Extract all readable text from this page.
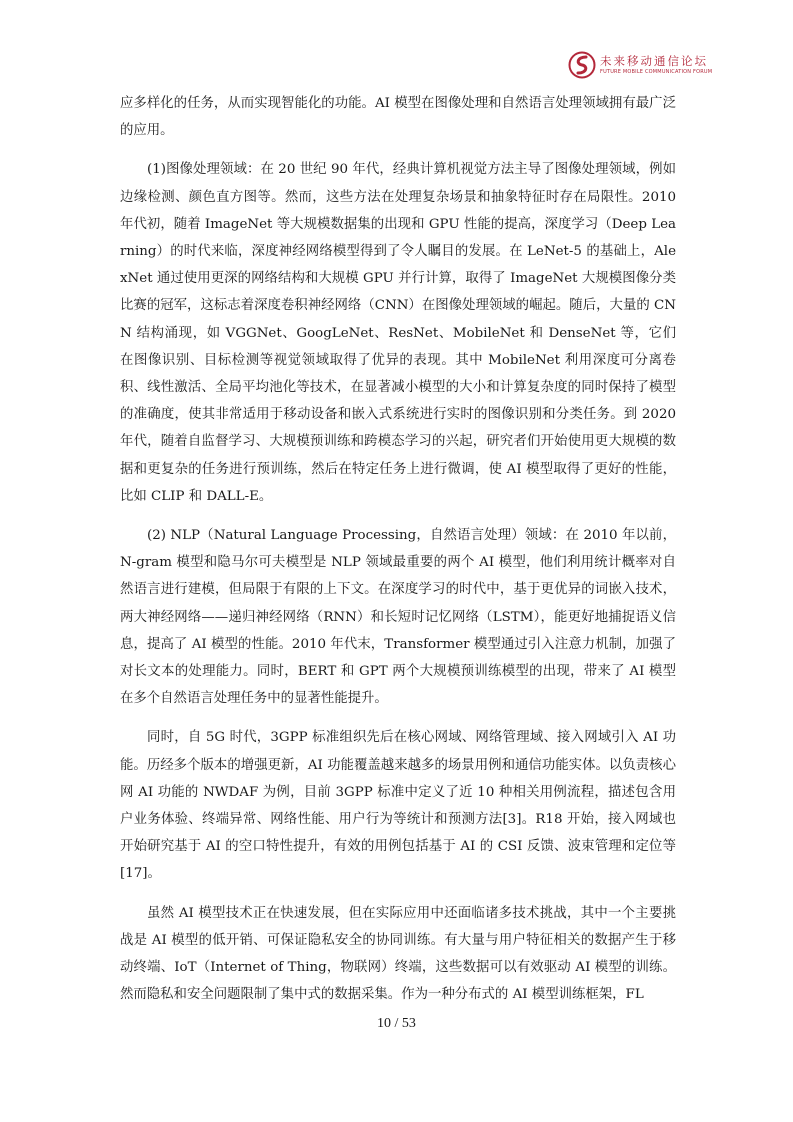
未来移动通信论坛
FUTURE MOBILE COMMUNICATION FORUM

应多样化的任务，从而实现智能化的功能。AI 模型在图像处理和自然语言处理领域拥有最广泛的应用。

(1)图像处理领域：在 20 世纪 90 年代，经典计算机视觉方法主导了图像处理领域，例如边缘检测、颜色直方图等。然而，这些方法在处理复杂场景和抽象特征时存在局限性。2010 年代初，随着 ImageNet 等大规模数据集的出现和 GPU 性能的提高，深度学习（Deep Learning）的时代来临，深度神经网络模型得到了令人瞩目的发展。在 LeNet-5 的基础上，AlexNet 通过使用更深的网络结构和大规模 GPU 并行计算，取得了 ImageNet 大规模图像分类比赛的冠军，这标志着深度卷积神经网络（CNN）在图像处理领域的崛起。随后，大量的 CNN 结构涌现，如 VGGNet、GoogLeNet、ResNet、MobileNet 和 DenseNet 等，它们在图像识别、目标检测等视觉领域取得了优异的表现。其中 MobileNet 利用深度可分离卷积、线性激活、全局平均池化等技术，在显著减小模型的大小和计算复杂度的同时保持了模型的准确度，使其非常适用于移动设备和嵌入式系统进行实时的图像识别和分类任务。到 2020 年代，随着自监督学习、大规模预训练和跨模态学习的兴起，研究者们开始使用更大规模的数据和更复杂的任务进行预训练，然后在特定任务上进行微调，使 AI 模型取得了更好的性能，比如 CLIP 和 DALL-E。

(2) NLP（Natural Language Processing，自然语言处理）领域：在 2010 年以前，N-gram 模型和隐马尔可夫模型是 NLP 领域最重要的两个 AI 模型，他们利用统计概率对自然语言进行建模，但局限于有限的上下文。在深度学习的时代中，基于更优异的词嵌入技术，两大神经网络——递归神经网络（RNN）和长短时记忆网络（LSTM），能更好地捕捉语义信息，提高了 AI 模型的性能。2010 年代末，Transformer 模型通过引入注意力机制，加强了对长文本的处理能力。同时，BERT 和 GPT 两个大规模预训练模型的出现，带来了 AI 模型在多个自然语言处理任务中的显著性能提升。

同时，自 5G 时代，3GPP 标准组织先后在核心网域、网络管理域、接入网域引入 AI 功能。历经多个版本的增强更新，AI 功能覆盖越来越多的场景用例和通信功能实体。以负责核心网 AI 功能的 NWDAF 为例，目前 3GPP 标准中定义了近 10 种相关用例流程，描述包含用户业务体验、终端异常、网络性能、用户行为等统计和预测方法[3]。R18 开始，接入网域也开始研究基于 AI 的空口特性提升，有效的用例包括基于 AI 的 CSI 反馈、波束管理和定位等[17]。

虽然 AI 模型技术正在快速发展，但在实际应用中还面临诸多技术挑战，其中一个主要挑战是 AI 模型的低开销、可保证隐私安全的协同训练。有大量与用户特征相关的数据产生于移动终端、IoT（Internet of Thing，物联网）终端，这些数据可以有效驱动 AI 模型的训练。然而隐私和安全问题限制了集中式的数据采集。作为一种分布式的 AI 模型训练框架，FL

10 / 53
